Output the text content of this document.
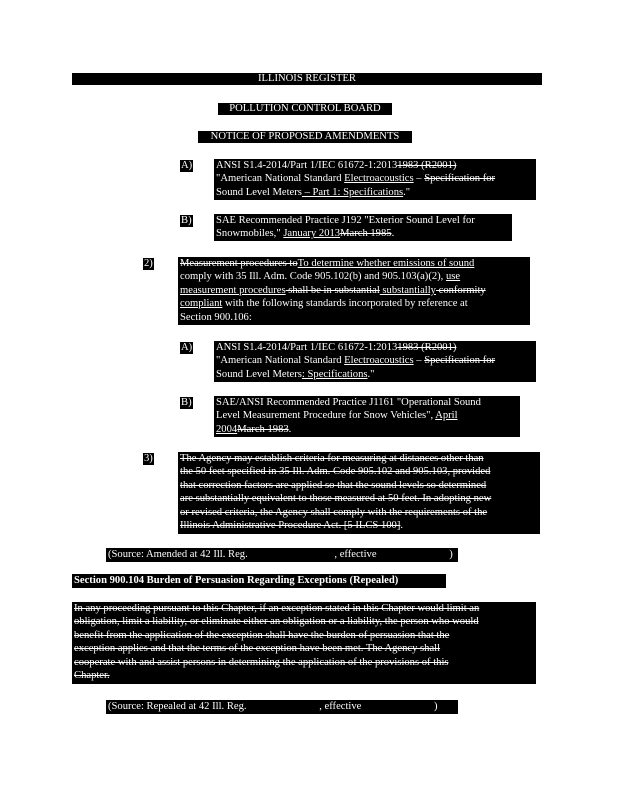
ILLINOIS REGISTER
POLLUTION CONTROL BOARD
NOTICE OF PROPOSED AMENDMENTS
A) ANSI S1.4-2014/Part 1/IEC 61672-1:20131983 (R2001)
"American National Standard Electroacoustics – Specification for
Sound Level Meters – Part 1: Specifications."
B) SAE Recommended Practice J192 "Exterior Sound Level for
Snowmobiles," January 2013March 1985.
2)	Measurement procedures toTo determine whether emissions of sound
comply with 35 Ill. Adm. Code 905.102(b) and 905.103(a)(2), use
measurement procedures shall be in substantial substantially conformity
compliant with the following standards incorporated by reference at
Section 900.106:
A) ANSI S1.4-2014/Part 1/IEC 61672-1:20131983 (R2001)
"American National Standard Electroacoustics – Specification for
Sound Level Meters: Specifications."
B) SAE/ANSI Recommended Practice J1161 "Operational Sound
Level Measurement Procedure for Snow Vehicles", April
2004March 1983.
3)	The Agency may establish criteria for measuring at distances other than
the 50 feet specified in 35 Ill. Adm. Code 905.102 and 905.103, provided
that correction factors are applied so that the sound levels so determined
are substantially equivalent to those measured at 50 feet. In adopting new
or revised criteria, the Agency shall comply with the requirements of the
Illinois Administrative Procedure Act. [5 ILCS 100].
(Source: Amended at 42 Ill. Reg.	, effective	)
Section 900.104 Burden of Persuasion Regarding Exceptions (Repealed)
In any proceeding pursuant to this Chapter, if an exception stated in this Chapter would limit an
obligation, limit a liability, or eliminate either an obligation or a liability, the person who would
benefit from the application of the exception shall have the burden of persuasion that the
exception applies and that the terms of the exception have been met. The Agency shall
cooperate with and assist persons in determining the application of the provisions of this
Chapter.
(Source: Repealed at 42 Ill. Reg.	, effective	)
